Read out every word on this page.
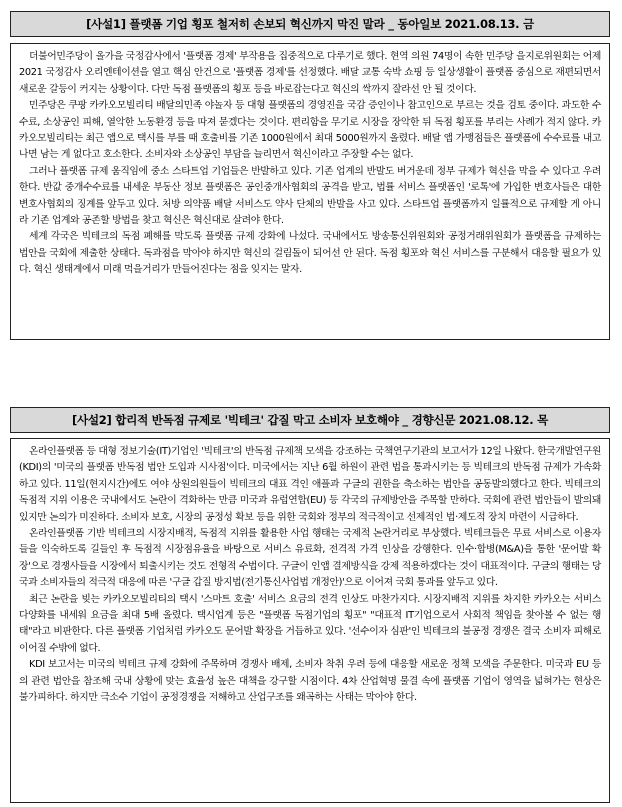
[사설1] 플랫폼 기업 횡포 철저히 손보되 혁신까지 막진 말라 _ 동아일보 2021.08.13. 금

더불어민주당이 올가을 국정감사에서 '플랫폼 경제' 부작용을 집중적으로 다루기로 했다. 현역 의원 74명이 속한 민주당 을지로위원회는 어제 2021 국정감사 오리엔테이션을 열고 핵심 안건으로 '플랫폼 경제'를 선정했다. 배달 교통 숙박 쇼핑 등 일상생활이 플랫폼 중심으로 재편되면서 새로운 갈등이 커지는 상황이다. 다만 독점 플랫폼의 횡포 등을 바로잡는다고 혁신의 싹까지 잘라선 안 될 것이다.

민주당은 쿠팡 카카오모빌리티 배달의민족 야놀자 등 대형 플랫폼의 경영진을 국감 증인이나 참고인으로 부르는 것을 검토 중이다. 과도한 수수료, 소상공인 피해, 열악한 노동환경 등을 따져 묻겠다는 것이다. 편리함을 무기로 시장을 장악한 뒤 독점 횡포를 부리는 사례가 적지 않다. 카카오모빌리티는 최근 앱으로 택시를 부를 때 호출비를 기존 1000원에서 최대 5000원까지 올렸다. 배달 앱 가맹점들은 플랫폼에 수수료를 내고 나면 남는 게 없다고 호소한다. 소비자와 소상공인 부담을 늘리면서 혁신이라고 주장할 수는 없다.

그러나 플랫폼 규제 움직임에 중소 스타트업 기업들은 반발하고 있다. 기존 업계의 반발도 버거운데 정부 규제가 혁신을 막을 수 있다고 우려한다. 반값 중개수수료를 내세운 부동산 정보 플랫폼은 공인중개사협회의 공격을 받고, 법률 서비스 플랫폼인 '로톡'에 가입한 변호사들은 대한변호사협회의 징계를 앞두고 있다. 처방 의약품 배달 서비스도 약사 단체의 반발을 사고 있다. 스타트업 플랫폼까지 일률적으로 규제할 게 아니라 기존 업계와 공존할 방법을 찾고 혁신은 혁신대로 살려야 한다.

세계 각국은 빅테크의 독점 폐해를 막도록 플랫폼 규제 강화에 나섰다. 국내에서도 방송통신위원회와 공정거래위원회가 플랫폼을 규제하는 법안을 국회에 제출한 상태다. 독과점을 막아야 하지만 혁신의 걸림돌이 되어선 안 된다. 독점 횡포와 혁신 서비스를 구분해서 대응할 필요가 있다. 혁신 생태계에서 미래 먹을거리가 만들어진다는 점을 잊지는 말자.

[사설2] 합리적 반독점 규제로 '빅테크' 갑질 막고 소비자 보호해야 _ 경향신문 2021.08.12. 목

온라인플랫폼 등 대형 정보기술(IT)기업인 '빅테크'의 반독점 규제책 모색을 강조하는 국책연구기관의 보고서가 12일 나왔다. 한국개발연구원(KDI)의 '미국의 플랫폼 반독점 법안 도입과 시사점'이다. 미국에서는 지난 6월 하원이 관련 법을 통과시키는 등 빅테크의 반독점 규제가 가속화하고 있다. 11일(현지시간)에도 여야 상원의원들이 빅테크의 대표 격인 애플과 구글의 권한을 축소하는 법안을 공동발의했다고 한다. 빅테크의 독점적 지위 이용은 국내에서도 논란이 격화하는 만큼 미국과 유럽연합(EU) 등 각국의 규제방안을 주목할 만하다. 국회에 관련 법안들이 발의돼 있지만 논의가 미진하다. 소비자 보호, 시장의 공정성 확보 등을 위한 국회와 정부의 적극적이고 선제적인 법·제도적 장치 마련이 시급하다.

온라인플랫폼 기반 빅테크의 시장지배적, 독점적 지위를 활용한 사업 행태는 국제적 논란거리로 부상했다. 빅테크들은 무료 서비스로 이용자들을 익숙하도록 길들인 후 독점적 시장점유율을 바탕으로 서비스 유료화, 전격적 가격 인상을 강행한다. 인수·합병(M&A)을 통한 '문어발 확장'으로 경쟁사들을 시장에서 퇴출시키는 것도 전형적 수법이다. 구글이 인앱 결제방식을 강제 적용하겠다는 것이 대표적이다. 구글의 행태는 당국과 소비자들의 적극적 대응에 따른 '구글 갑질 방지법(전기통신사업법 개정안)'으로 이어져 국회 통과를 앞두고 있다.

최근 논란을 빚는 카카오모빌리티의 택시 '스마트 호출' 서비스 요금의 전격 인상도 마찬가지다. 시장지배적 지위를 차지한 카카오는 서비스 다양화를 내세워 요금을 최대 5배 올렸다. 택시업계 등은 "플랫폼 독점기업의 횡포" "대표적 IT기업으로서 사회적 책임을 찾아볼 수 없는 행태"라고 비판한다. 다른 플랫폼 기업처럼 카카오도 문어발 확장을 거듭하고 있다. '선수이자 심판'인 빅테크의 불공정 경쟁은 결국 소비자 피해로 이어질 수밖에 없다.

KDI 보고서는 미국의 빅테크 규제 강화에 주목하며 경쟁사 배제, 소비자 착취 우려 등에 대응할 새로운 정책 모색을 주문한다. 미국과 EU 등의 관련 법안을 참조해 국내 상황에 맞는 효율성 높은 대책을 강구할 시점이다. 4차 산업혁명 물결 속에 플랫폼 기업이 영역을 넓혀가는 현상은 불가피하다. 하지만 극소수 기업이 공정경쟁을 저해하고 산업구조를 왜곡하는 사태는 막아야 한다.
